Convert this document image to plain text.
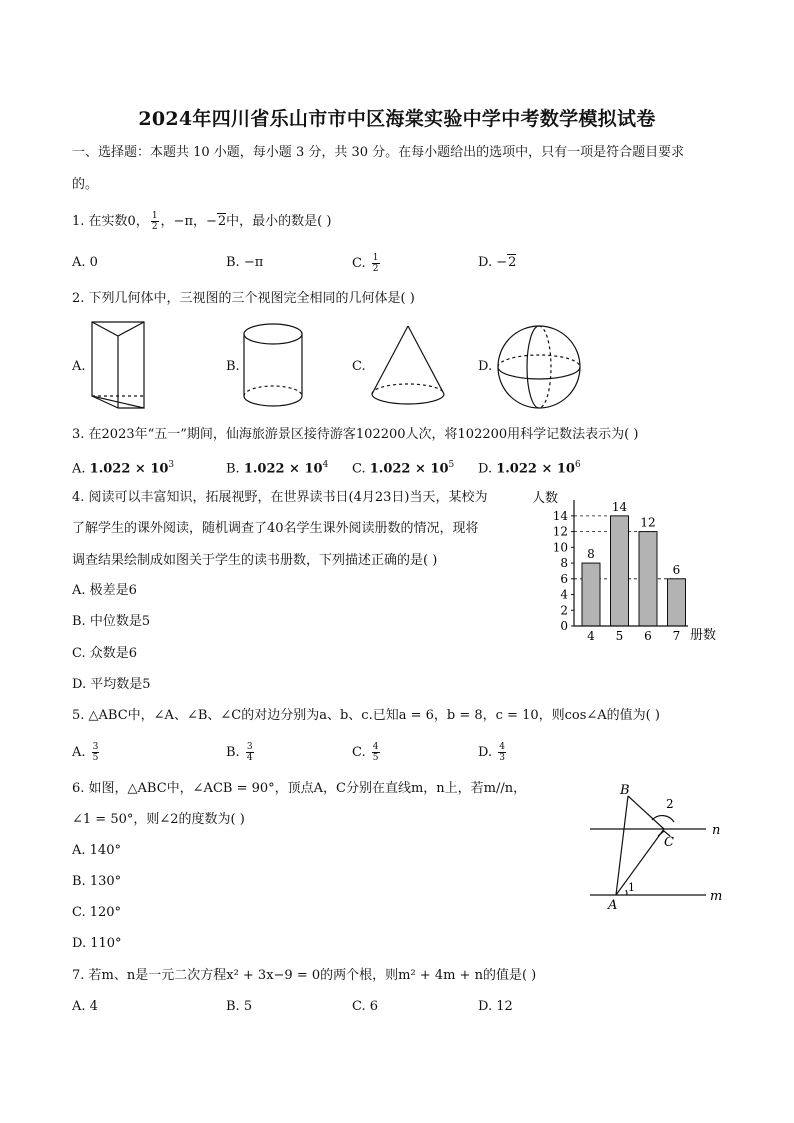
2024年四川省乐山市市中区海棠实验中学中考数学模拟试卷
一、选择题：本题共 10 小题，每小题 3 分，共 30 分。在每小题给出的选项中，只有一项是符合题目要求
的。
1. 在实数0， $\frac{1}{2}$ ，−π，−2中，最小的数是( )
A. 0	B. −π	C. $\frac{1}{2}$	D. −2
2. 下列几何体中，三视图的三个视图完全相同的几何体是( )
A.	B.	C.	D.
3. 在2023年“五一”期间，仙海旅游景区接待游客102200人次，将102200用科学记数法表示为( )
A. $1.022 \times 10^3$	B. $1.022 \times 10^4$ C. $1.022 \times 10^5$ D. $1.022 \times 10^6$
4. 阅读可以丰富知识，拓展视野，在世界读书日(4月23日)当天，某校为
了解学生的课外阅读，随机调查了40名学生课外阅读册数的情况，现将
调查结果绘制成如图关于学生的读书册数，下列描述正确的是( )
A. 极差是6
B. 中位数是5
C. 众数是6
D. 平均数是5
人数
册数
0
2
4
6
8
10
12
14
8
4
14
5
12
6
6
7
5. △ABC中，∠A、∠B、∠C的对边分别为a、b、c.已知a = 6，b = 8，c = 10，则cos∠A的值为( )
A. $\frac{3}{5}$	B. $\frac{3}{4}$	C. $\frac{4}{5}$	D. $\frac{4}{3}$
6. 如图，△ABC中，∠ACB = 90°，顶点A，C分别在直线m，n上，若m//n，
∠1 = 50°，则∠2的度数为( )
A. 140°
B. 130°
C. 120°
D. 110°
B
C
A
n
m
1
2
7. 若m、n是一元二次方程x² + 3x−9 = 0的两个根，则m² + 4m + n的值是( )
A. 4	B. 5	C. 6	D. 12
